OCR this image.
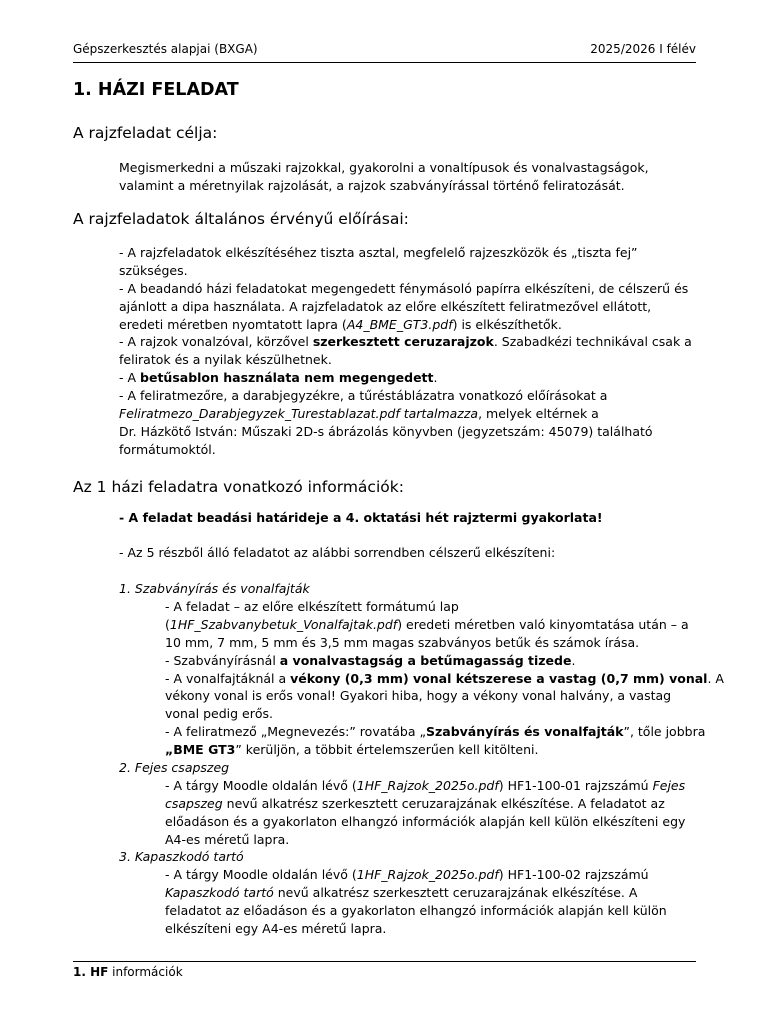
Gépszerkesztés alapjai (BXGA)	2025/2026 I félév
1. HÁZI FELADAT
A rajzfeladat célja:
Megismerkedni a műszaki rajzokkal, gyakorolni a vonaltípusok és vonalvastagságok,
valamint a méretnyilak rajzolását, a rajzok szabványírással történő feliratozását.
A rajzfeladatok általános érvényű előírásai:
- A rajzfeladatok elkészítéséhez tiszta asztal, megfelelő rajzeszközök és „tiszta fej”
szükséges.
- A beadandó házi feladatokat megengedett fénymásoló papírra elkészíteni, de célszerű és
ajánlott a dipa használata. A rajzfeladatok az előre elkészített feliratmezővel ellátott,
eredeti méretben nyomtatott lapra (A4_BME_GT3.pdf) is elkészíthetők.
- A rajzok vonalzóval, körzővel szerkesztett ceruzarajzok. Szabadkézi technikával csak a
feliratok és a nyilak készülhetnek.
- A betűsablon használata nem megengedett.
- A feliratmezőre, a darabjegyzékre, a tűréstáblázatra vonatkozó előírásokat a
Feliratmezo_Darabjegyzek_Turestablazat.pdf tartalmazza, melyek eltérnek a
Dr. Házkötő István: Műszaki 2D-s ábrázolás könyvben (jegyzetszám: 45079) található
formátumoktól.
Az 1 házi feladatra vonatkozó információk:
- A feladat beadási határideje a 4. oktatási hét rajztermi gyakorlata!
- Az 5 részből álló feladatot az alábbi sorrendben célszerű elkészíteni:
1. Szabványírás és vonalfajták
- A feladat – az előre elkészített formátumú lap
(1HF_Szabvanybetuk_Vonalfajtak.pdf) eredeti méretben való kinyomtatása után – a
10 mm, 7 mm, 5 mm és 3,5 mm magas szabványos betűk és számok írása.
- Szabványírásnál a vonalvastagság a betűmagasság tizede.
- A vonalfajtáknál a vékony (0,3 mm) vonal kétszerese a vastag (0,7 mm) vonal. A
vékony vonal is erős vonal! Gyakori hiba, hogy a vékony vonal halvány, a vastag
vonal pedig erős.
- A feliratmező „Megnevezés:” rovatába „Szabványírás és vonalfajták”, tőle jobbra
„BME GT3” kerüljön, a többit értelemszerűen kell kitölteni.
2. Fejes csapszeg
- A tárgy Moodle oldalán lévő (1HF_Rajzok_2025o.pdf) HF1-100-01 rajzszámú Fejes
csapszeg nevű alkatrész szerkesztett ceruzarajzának elkészítése. A feladatot az
előadáson és a gyakorlaton elhangzó információk alapján kell külön elkészíteni egy
A4-es méretű lapra.
3. Kapaszkodó tartó
- A tárgy Moodle oldalán lévő (1HF_Rajzok_2025o.pdf) HF1-100-02 rajzszámú
Kapaszkodó tartó nevű alkatrész szerkesztett ceruzarajzának elkészítése. A
feladatot az előadáson és a gyakorlaton elhangzó információk alapján kell külön
elkészíteni egy A4-es méretű lapra.
1. HF információk
